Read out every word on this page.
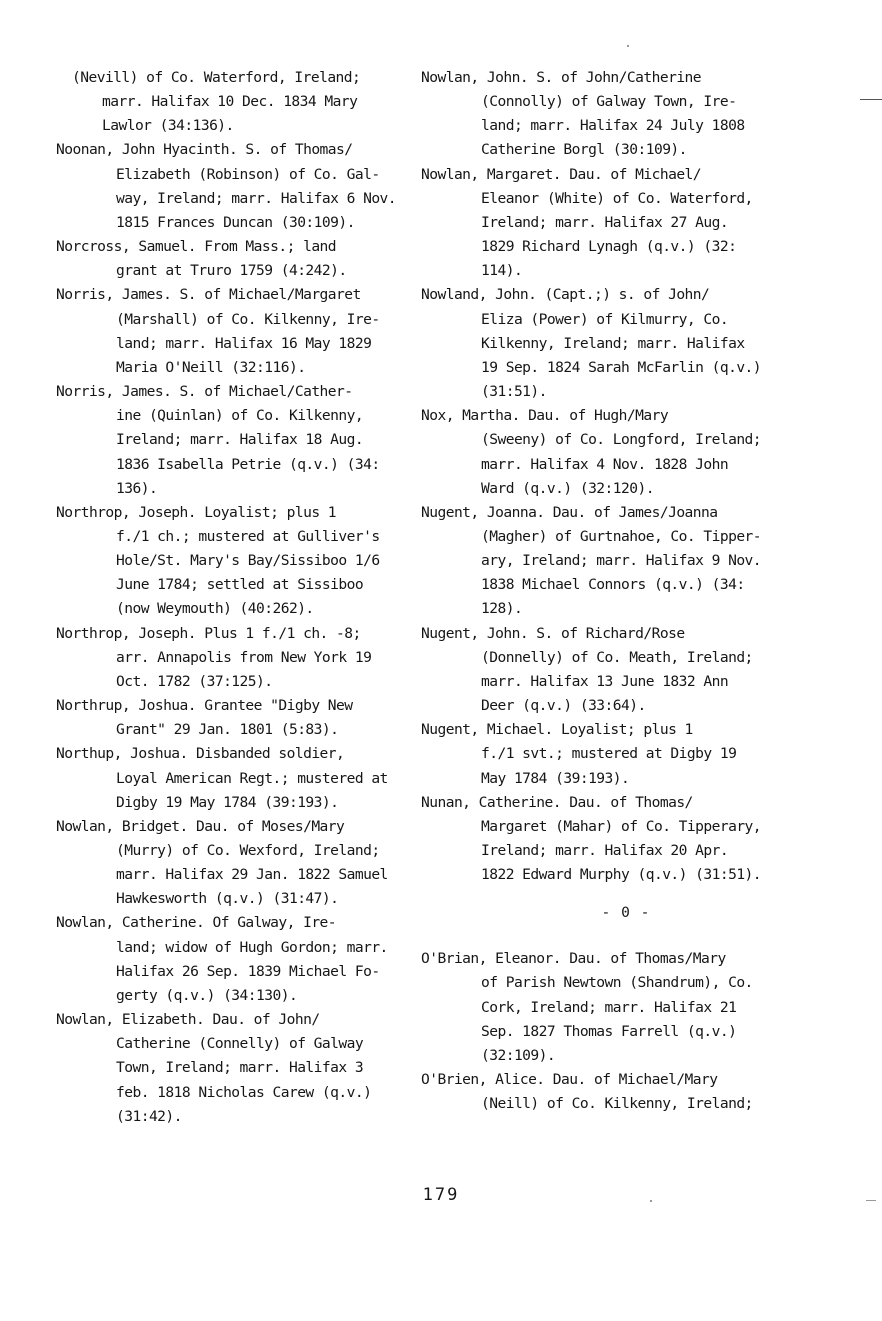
(Nevill) of Co. Waterford, Ireland;
marr. Halifax 10 Dec. 1834 Mary
Lawlor (34:136).
Noonan, John Hyacinth. S. of Thomas/
Elizabeth (Robinson) of Co. Gal-
way, Ireland; marr. Halifax 6 Nov.
1815 Frances Duncan (30:109).
Norcross, Samuel. From Mass.; land
grant at Truro 1759 (4:242).
Norris, James. S. of Michael/Margaret
(Marshall) of Co. Kilkenny, Ire-
land; marr. Halifax 16 May 1829
Maria O'Neill (32:116).
Norris, James. S. of Michael/Cather-
ine (Quinlan) of Co. Kilkenny,
Ireland; marr. Halifax 18 Aug.
1836 Isabella Petrie (q.v.) (34:
136).
Northrop, Joseph. Loyalist; plus 1
f./1 ch.; mustered at Gulliver's
Hole/St. Mary's Bay/Sissiboo 1/6
June 1784; settled at Sissiboo
(now Weymouth) (40:262).
Northrop, Joseph. Plus 1 f./1 ch. -8;
arr. Annapolis from New York 19
Oct. 1782 (37:125).
Northrup, Joshua. Grantee "Digby New
Grant" 29 Jan. 1801 (5:83).
Northup, Joshua. Disbanded soldier,
Loyal American Regt.; mustered at
Digby 19 May 1784 (39:193).
Nowlan, Bridget. Dau. of Moses/Mary
(Murry) of Co. Wexford, Ireland;
marr. Halifax 29 Jan. 1822 Samuel
Hawkesworth (q.v.) (31:47).
Nowlan, Catherine. Of Galway, Ire-
land; widow of Hugh Gordon; marr.
Halifax 26 Sep. 1839 Michael Fo-
gerty (q.v.) (34:130).
Nowlan, Elizabeth. Dau. of John/
Catherine (Connelly) of Galway
Town, Ireland; marr. Halifax 3
feb. 1818 Nicholas Carew (q.v.)
(31:42).
Nowlan, John. S. of John/Catherine
(Connolly) of Galway Town, Ire-
land; marr. Halifax 24 July 1808
Catherine Borgl (30:109).
Nowlan, Margaret. Dau. of Michael/
Eleanor (White) of Co. Waterford,
Ireland; marr. Halifax 27 Aug.
1829 Richard Lynagh (q.v.) (32:
114).
Nowland, John. (Capt.;) s. of John/
Eliza (Power) of Kilmurry, Co.
Kilkenny, Ireland; marr. Halifax
19 Sep. 1824 Sarah McFarlin (q.v.)
(31:51).
Nox, Martha. Dau. of Hugh/Mary
(Sweeny) of Co. Longford, Ireland;
marr. Halifax 4 Nov. 1828 John
Ward (q.v.) (32:120).
Nugent, Joanna. Dau. of James/Joanna
(Magher) of Gurtnahoe, Co. Tipper-
ary, Ireland; marr. Halifax 9 Nov.
1838 Michael Connors (q.v.) (34:
128).
Nugent, John. S. of Richard/Rose
(Donnelly) of Co. Meath, Ireland;
marr. Halifax 13 June 1832 Ann
Deer (q.v.) (33:64).
Nugent, Michael. Loyalist; plus 1
f./1 svt.; mustered at Digby 19
May 1784 (39:193).
Nunan, Catherine. Dau. of Thomas/
Margaret (Mahar) of Co. Tipperary,
Ireland; marr. Halifax 20 Apr.
1822 Edward Murphy (q.v.) (31:51).
- 0 -
O'Brian, Eleanor. Dau. of Thomas/Mary
of Parish Newtown (Shandrum), Co.
Cork, Ireland; marr. Halifax 21
Sep. 1827 Thomas Farrell (q.v.)
(32:109).
O'Brien, Alice. Dau. of Michael/Mary
(Neill) of Co. Kilkenny, Ireland;
179
